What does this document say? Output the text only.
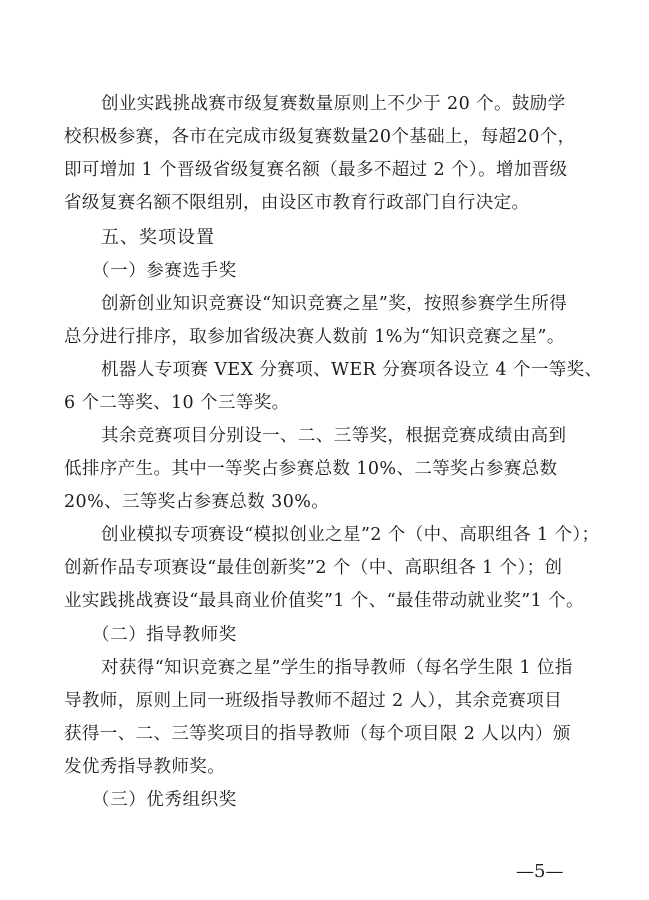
创业实践挑战赛市级复赛数量原则上不少于 20 个。鼓励学
校积极参赛，各市在完成市级复赛数量20个基础上，每超20个，
即可增加 1 个晋级省级复赛名额（最多不超过 2 个）。增加晋级
省级复赛名额不限组别，由设区市教育行政部门自行决定。
五、奖项设置
（一）参赛选手奖
创新创业知识竞赛设“知识竞赛之星”奖，按照参赛学生所得
总分进行排序，取参加省级决赛人数前 1%为“知识竞赛之星”。
机器人专项赛 VEX 分赛项、WER 分赛项各设立 4 个一等奖、
6 个二等奖、10 个三等奖。
其余竞赛项目分别设一、二、三等奖，根据竞赛成绩由高到
低排序产生。其中一等奖占参赛总数 10%、二等奖占参赛总数
20%、三等奖占参赛总数 30%。
创业模拟专项赛设“模拟创业之星”2 个（中、高职组各 1 个）；
创新作品专项赛设“最佳创新奖”2 个（中、高职组各 1 个）；创
业实践挑战赛设“最具商业价值奖”1 个、“最佳带动就业奖”1 个。
（二）指导教师奖
对获得“知识竞赛之星”学生的指导教师（每名学生限 1 位指
导教师，原则上同一班级指导教师不超过 2 人），其余竞赛项目
获得一、二、三等奖项目的指导教师（每个项目限 2 人以内）颁
发优秀指导教师奖。
（三）优秀组织奖
—5—
